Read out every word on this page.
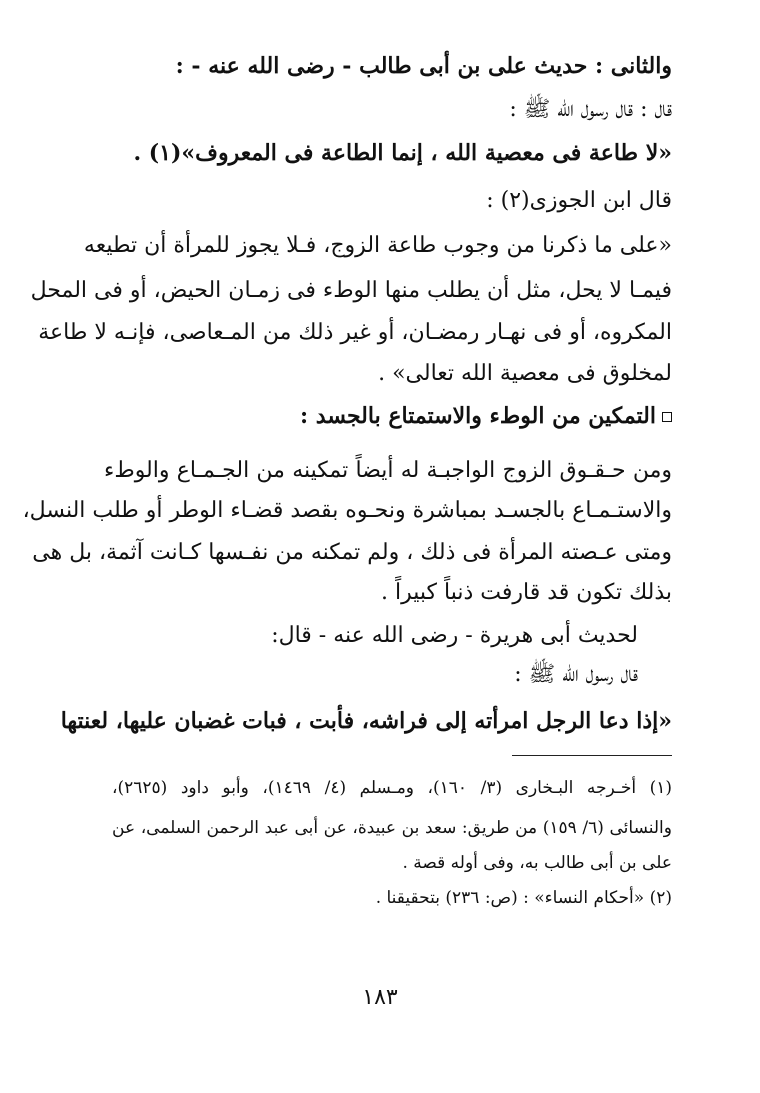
والثانى : حديث على بن أبى طالب - رضى الله عنه - :
قال : قال رسول الله ﷺ :
«لا طاعة فى معصية الله ، إنما الطاعة فى المعروف»(١) .
قال ابن الجوزى(٢) :
«على ما ذكرنا من وجوب طاعة الزوج، فـلا يجوز للمرأة أن تطيعه
فيمـا لا يحل، مثل أن يطلب منها الوطء فى زمـان الحيض، أو فى المحل
المكروه، أو فى نهـار رمضـان، أو غير ذلك من المـعاصى، فإنـه لا طاعة
لمخلوق فى معصية الله تعالى» .
التمكين من الوطء والاستمتاع بالجسد :
ومن حـقـوق الزوج الواجبـة له أيضاً تمكينه من الجـمـاع والوطء
والاستـمـاع بالجسـد بمباشرة ونحـوه بقصد قضـاء الوطر أو طلب النسل،
ومتى عـصته المرأة فى ذلك ، ولم تمكنه من نفـسها كـانت آثمة، بل هى
بذلك تكون قد قارفت ذنباً كبيراً .
لحديث أبى هريرة - رضى الله عنه - قال:
قال رسول الله ﷺ :
«إذا دعا الرجل امرأته إلى فراشه، فأبت ، فبات غضبان عليها، لعنتها
(١) أخـرجه البـخارى (٣/ ١٦٠)، ومـسلم (٤/ ١٤٦٩)، وأبو داود (٢٦٢٥)،
والنسائى (٦/ ١٥٩) من طريق: سعد بن عبيدة، عن أبى عبد الرحمن السلمى، عن
على بن أبى طالب به، وفى أوله قصة .
(٢) «أحكام النساء» : (ص: ٢٣٦) بتحقيقنا .
١٨٣
